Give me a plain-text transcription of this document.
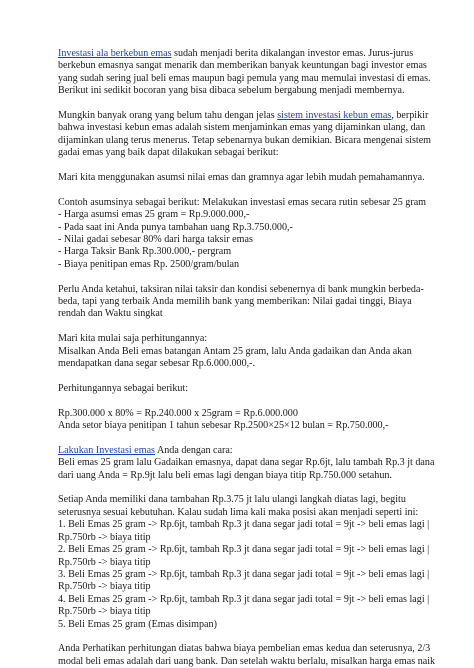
Investasi ala berkebun emas sudah menjadi berita dikalangan investor emas. Jurus-jurus
berkebun emasnya sangat menarik dan memberikan banyak keuntungan bagi investor emas
yang sudah sering jual beli emas maupun bagi pemula yang mau memulai investasi di emas.
Berikut ini sedikit bocoran yang bisa dibaca sebelum bergabung menjadi membernya.
Mungkin banyak orang yang belum tahu dengan jelas sistem investasi kebun emas, berpikir
bahwa investasi kebun emas adalah sistem menjaminkan emas yang dijaminkan ulang, dan
dijaminkan ulang terus menerus. Tetap sebenarnya bukan demikian. Bicara mengenai sistem
gadai emas yang baik dapat dilakukan sebagai berikut:
Mari kita menggunakan asumsi nilai emas dan gramnya agar lebih mudah pemahamannya.
Contoh asumsinya sebagai berikut: Melakukan investasi emas secara rutin sebesar 25 gram
- Harga asumsi emas 25 gram = Rp.9.000.000,-
- Pada saat ini Anda punya tambahan uang Rp.3.750.000,-
- Nilai gadai sebesar 80% dari harga taksir emas
- Harga Taksir Bank Rp.300.000,- pergram
- Biaya penitipan emas Rp. 2500/gram/bulan
Perlu Anda ketahui, taksiran nilai taksir dan kondisi sebenernya di bank mungkin berbeda-
beda, tapi yang terbaik Anda memilih bank yang memberikan: Nilai gadai tinggi, Biaya
rendah dan Waktu singkat
Mari kita mulai saja perhitungannya:
Misalkan Anda Beli emas batangan Antam 25 gram, lalu Anda gadaikan dan Anda akan
mendapatkan dana segar sebesar Rp.6.000.000,-.
Perhitungannya sebagai berikut:
Rp.300.000 x 80% = Rp.240.000 x 25gram = Rp.6.000.000
Anda setor biaya penitipan 1 tahun sebesar Rp.2500×25×12 bulan = Rp.750.000,-
Lakukan Investasi emas Anda dengan cara:
Beli emas 25 gram lalu Gadaikan emasnya, dapat dana segar Rp.6jt, lalu tambah Rp.3 jt dana
dari uang Anda = Rp.9jt lalu beli emas lagi dengan biaya titip Rp.750.000 setahun.
Setiap Anda memiliki dana tambahan Rp.3.75 jt lalu ulangi langkah diatas lagi, begitu
seterusnya sesuai kebutuhan. Kalau sudah lima kali maka posisi akan menjadi seperti ini:
1. Beli Emas 25 gram -> Rp.6jt, tambah Rp.3 jt dana segar jadi total = 9jt -> beli emas lagi |
Rp.750rb -> biaya titip
2. Beli Emas 25 gram -> Rp.6jt, tambah Rp.3 jt dana segar jadi total = 9jt -> beli emas lagi |
Rp.750rb -> biaya titip
3. Beli Emas 25 gram -> Rp.6jt, tambah Rp.3 jt dana segar jadi total = 9jt -> beli emas lagi |
Rp.750rb -> biaya titip
4. Beli Emas 25 gram -> Rp.6jt, tambah Rp.3 jt dana segar jadi total = 9jt -> beli emas lagi |
Rp.750rb -> biaya titip
5. Beli Emas 25 gram (Emas disimpan)
Anda Perhatikan perhitungan diatas bahwa biaya pembelian emas kedua dan seterusnya, 2/3
modal beli emas adalah dari uang bank. Dan setelah waktu berlalu, misalkan harga emas naik
